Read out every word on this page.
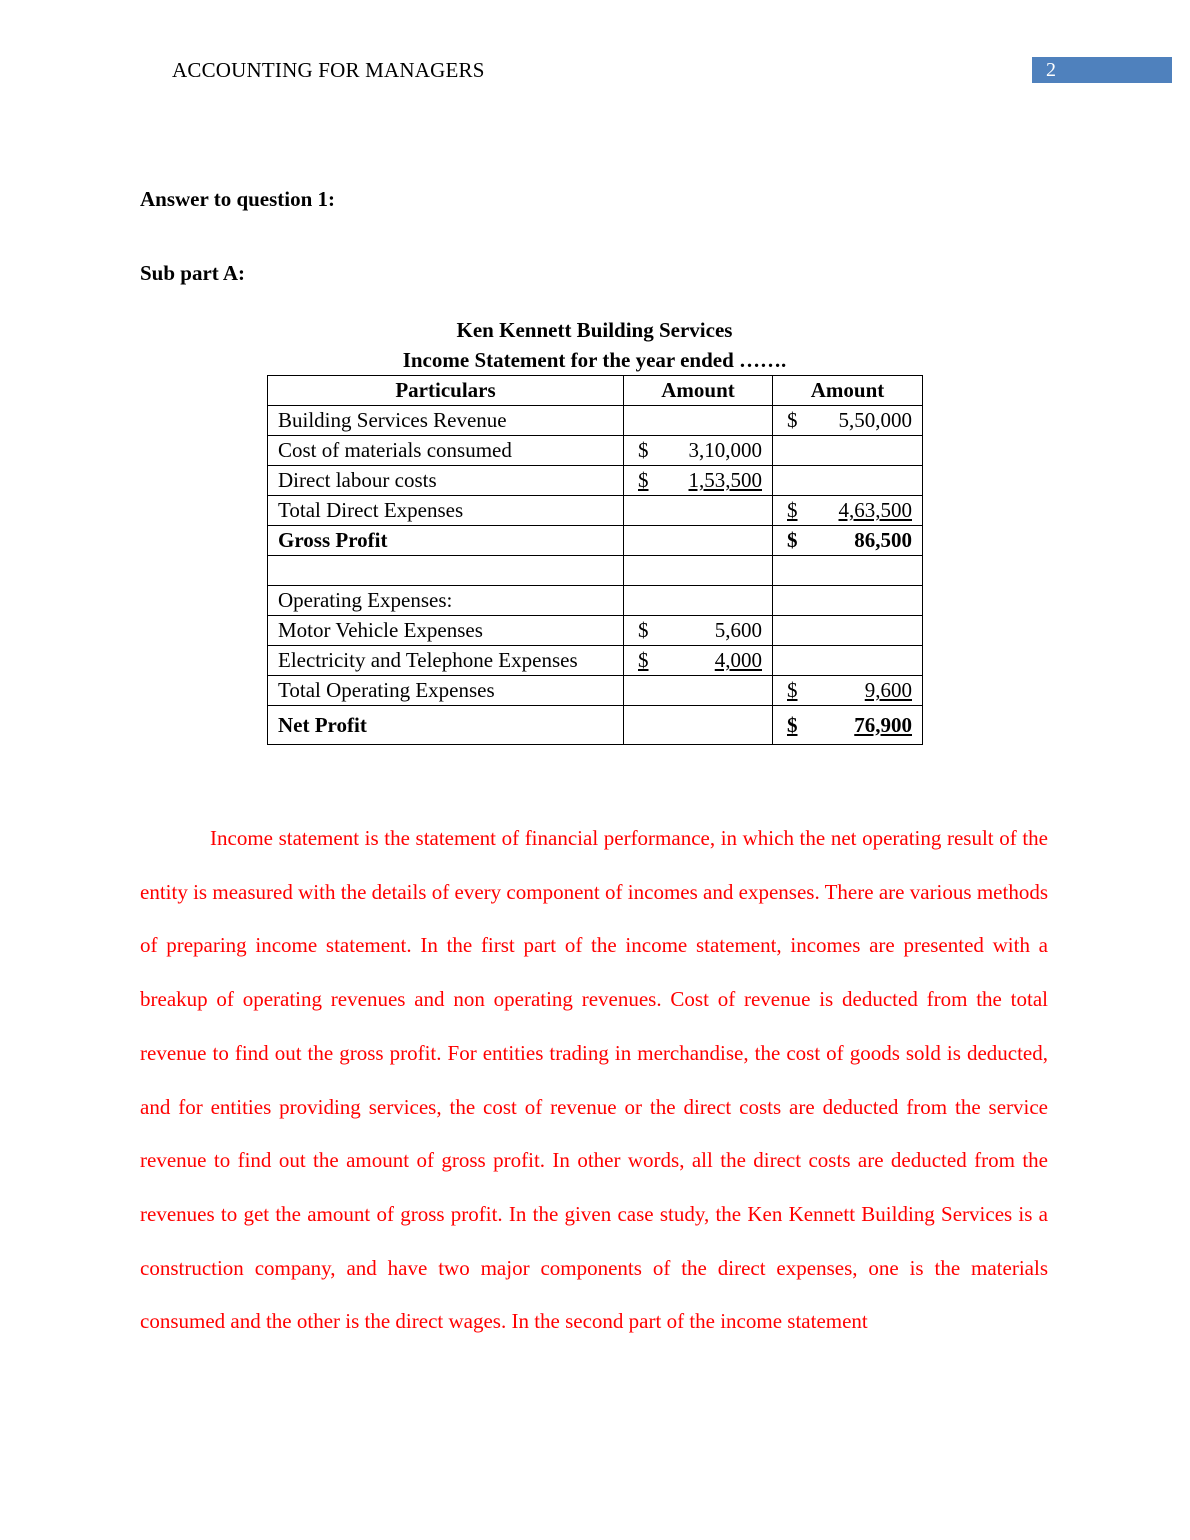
ACCOUNTING FOR MANAGERS	2
Answer to question 1:
Sub part A:
Ken Kennett Building Services
Income Statement for the year ended …….
Particulars	Amount	Amount
Building Services Revenue		$ 5,50,000

Cost of materials consumed	$ 3,10,000	

Direct labour costs	$ 1,53,500	

Total Direct Expenses		$ 4,63,500

Gross Profit		$ 86,500

Operating Expenses:	

Motor Vehicle Expenses	$ 5,600	

Electricity and Telephone Expenses	$ 4,000	

Total Operating Expenses		$ 9,600

Net Profit		$ 76,900
Income statement is the statement of financial performance, in which the net operating result of the entity is measured with the details of every component of incomes and expenses. There are various methods of preparing income statement. In the first part of the income statement, incomes are presented with a breakup of operating revenues and non operating revenues. Cost of revenue is deducted from the total revenue to find out the gross profit. For entities trading in merchandise, the cost of goods sold is deducted, and for entities providing services, the cost of revenue or the direct costs are deducted from the service revenue to find out the amount of gross profit. In other words, all the direct costs are deducted from the revenues to get the amount of gross profit. In the given case study, the Ken Kennett Building Services is a construction company, and have two major components of the direct expenses, one is the materials consumed and the other is the direct wages. In the second part of the income statement
